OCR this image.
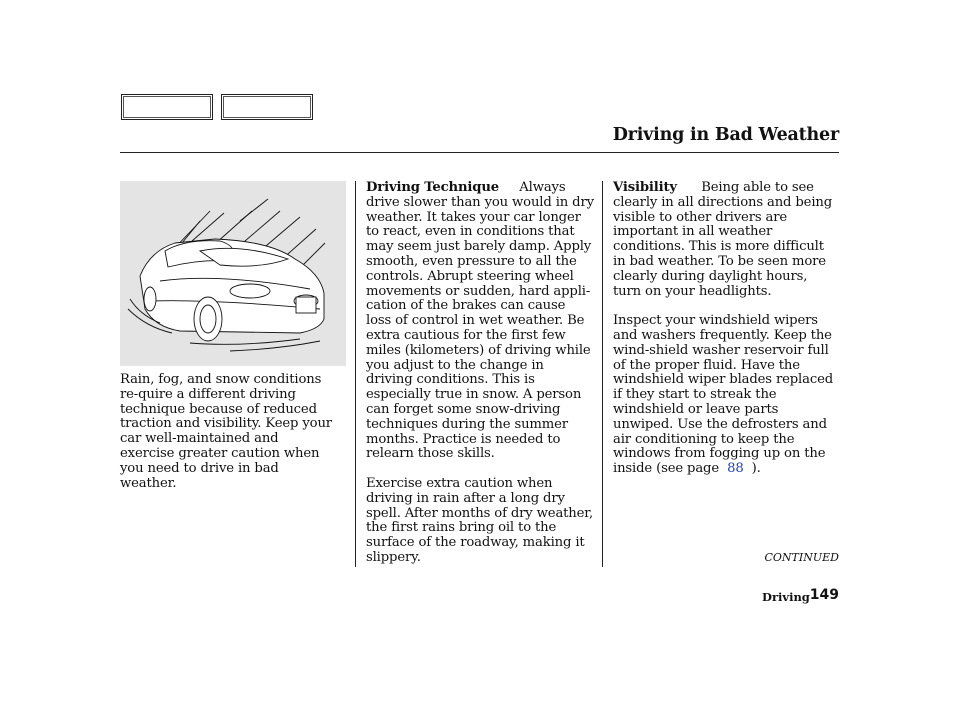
Driving in Bad Weather

Rain, fog, and snow conditions re-quire a different driving technique because of reduced traction and visibility. Keep your car well-maintained and exercise greater caution when you need to drive in bad weather.

Driving Technique Always drive slower than you would in dry weather. It takes your car longer to react, even in conditions that may seem just barely damp. Apply smooth, even pressure to all the controls. Abrupt steering wheel movements or sudden, hard appli-cation of the brakes can cause loss of control in wet weather. Be extra cautious for the first few miles (kilometers) of driving while you adjust to the change in driving conditions. This is especially true in snow. A person can forget some snow-driving techniques during the summer months. Practice is needed to relearn those skills.

Exercise extra caution when driving in rain after a long dry spell. After months of dry weather, the first rains bring oil to the surface of the roadway, making it slippery.

Visibility Being able to see clearly in all directions and being visible to other drivers are important in all weather conditions. This is more difficult in bad weather. To be seen more clearly during daylight hours, turn on your headlights.

Inspect your windshield wipers and washers frequently. Keep the wind-shield washer reservoir full of the proper fluid. Have the windshield wiper blades replaced if they start to streak the windshield or leave parts unwiped. Use the defrosters and air conditioning to keep the windows from fogging up on the inside (see page 88 ).

CONTINUED
Driving 149
